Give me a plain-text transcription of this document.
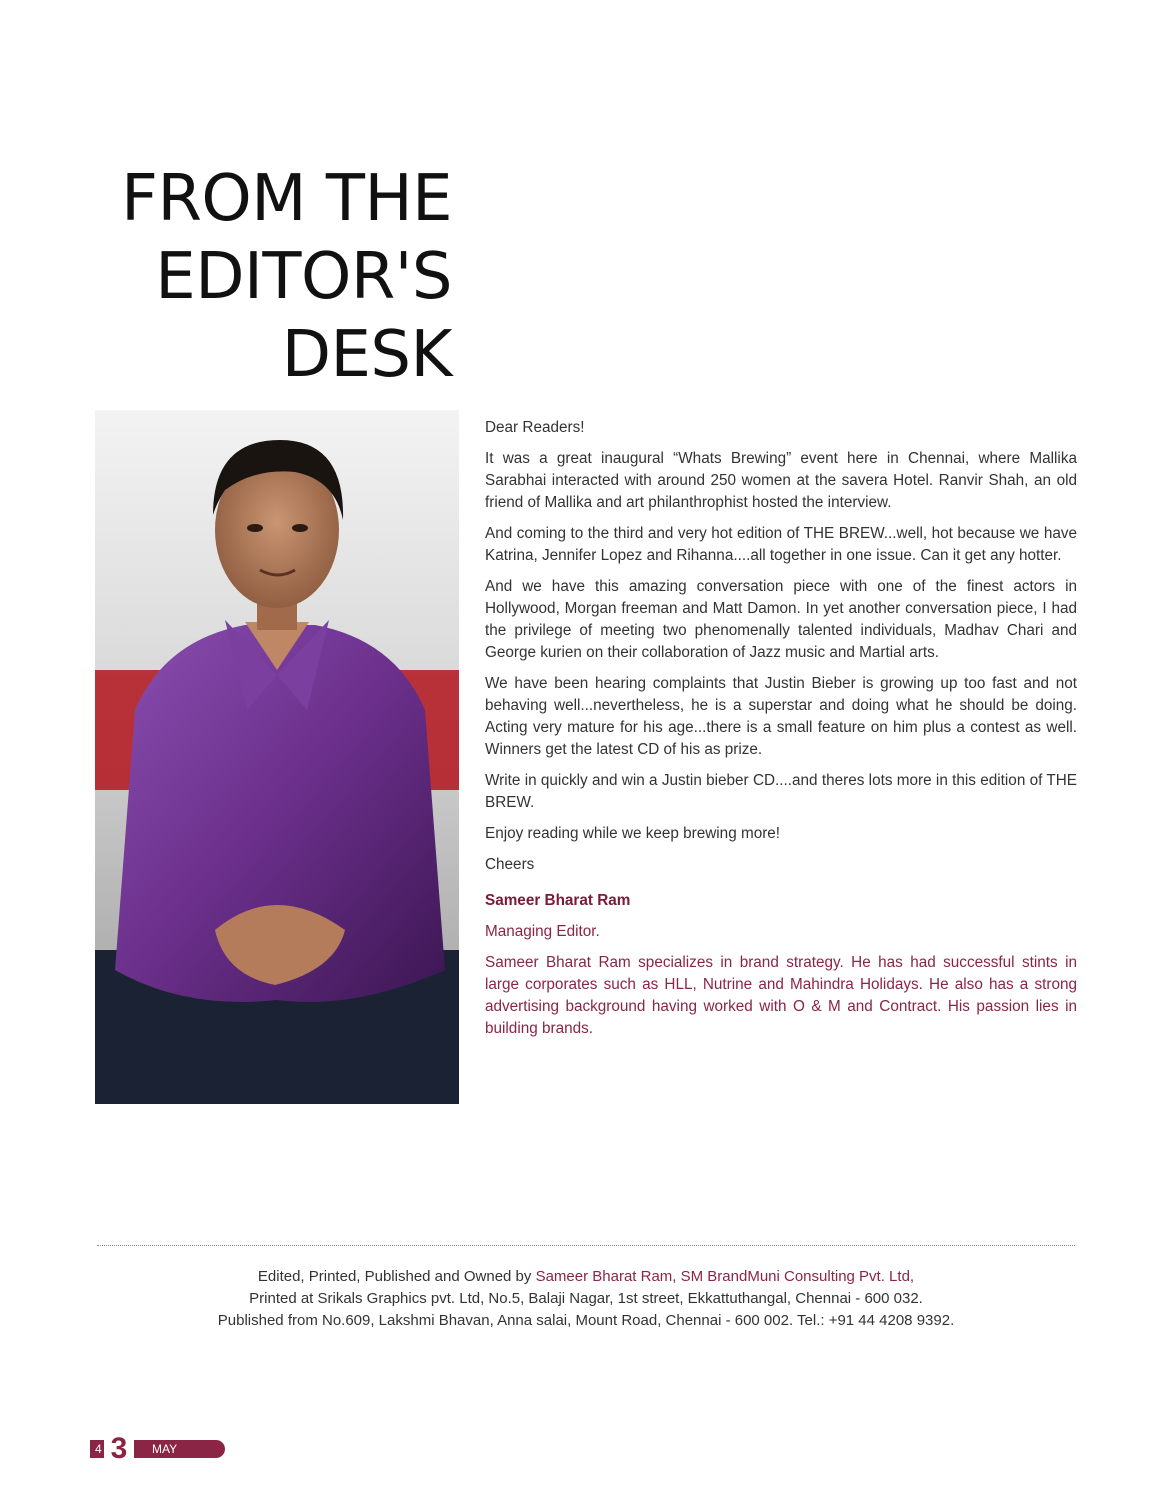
FROM THE
EDITOR'S
DESK

Dear Readers!

It was a great inaugural “Whats Brewing” event here in Chennai, where Mallika Sarabhai interacted with around 250 women at the savera Hotel. Ranvir Shah, an old friend of Mallika and art philanthrophist hosted the interview.

And coming to the third and very hot edition of THE BREW...well, hot because we have Katrina, Jennifer Lopez and Rihanna....all together in one issue. Can it get any hotter.

And we have this amazing conversation piece with one of the finest actors in Hollywood, Morgan freeman and Matt Damon. In yet another conversation piece, I had the privilege of meeting two phenomenally talented individuals, Madhav Chari and George kurien on their collaboration of Jazz music and Martial arts.

We have been hearing complaints that Justin Bieber is growing up too fast and not behaving well...nevertheless, he is a superstar and doing what he should be doing. Acting very mature for his age...there is a small feature on him plus a contest as well. Winners get the latest CD of his as prize.

Write in quickly and win a Justin bieber CD....and theres lots more in this edition of THE BREW.

Enjoy reading while we keep brewing more!

Cheers

Sameer Bharat Ram

Managing Editor.

Sameer Bharat Ram specializes in brand strategy. He has had successful stints in large corporates such as HLL, Nutrine and Mahindra Holidays. He also has a strong advertising background having worked with O & M and Contract. His passion lies in building brands.

Edited, Printed, Published and Owned by Sameer Bharat Ram, SM BrandMuni Consulting Pvt. Ltd,
Printed at Srikals Graphics pvt. Ltd, No.5, Balaji Nagar, 1st street, Ekkattuthangal, Chennai - 600 032.
Published from No.609, Lakshmi Bhavan, Anna salai, Mount Road, Chennai - 600 002. Tel.: +91 44 4208 9392.
4 3	MAY 2010
